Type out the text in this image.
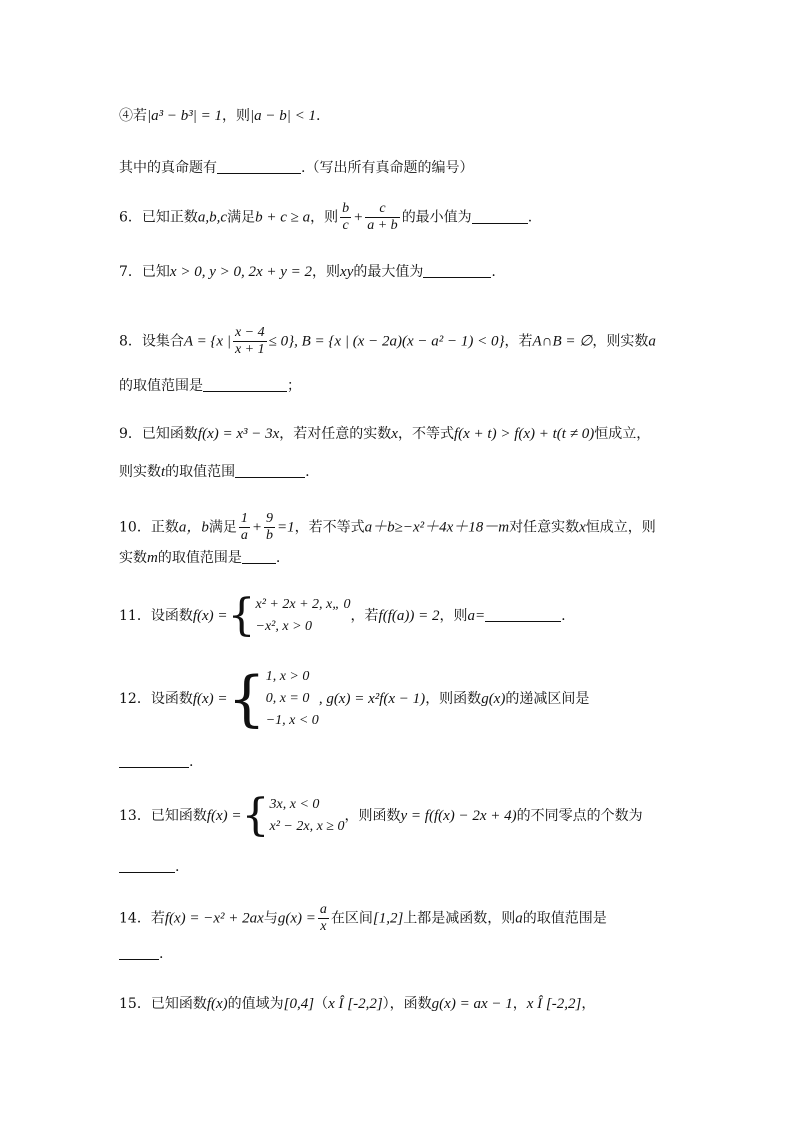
④若|a³ − b³| = 1，则|a − b| < 1.
其中的真命题有	.（写出所有真命题的编号）
6．已知正数a,b,c满足b + c ≥ a，则 $\frac{b}{c} + \frac{c}{a + b}$ 的最小值为	.
7．已知x > 0, y > 0, 2x + y = 2，则xy的最大值为	.
8．设集合A = {x | $\frac{x - 4}{x + 1} \le 0$}, B = {x | (x − 2a)(x − a² − 1) < 0}，若A∩B = ∅，则实数a
的取值范围是	；
9．已知函数f(x) = x³ − 3x，若对任意的实数x，不等式f(x + t) > f(x) + t(t ≠ 0)恒成立，
则实数t的取值范围	.
10．正数a，b满足 $\frac{1}{a} + \frac{9}{b} =1$，若不等式a＋b≥−x²＋4x＋18－m对任意实数x恒成立，则
实数m的取值范围是 .
11．设函数f(x) ={ x² + 2x + 2, x„ 0
−x², x > 0
，若f(f(a)) = 2，则a=	.
12．设函数f(x) ={ 1, x > 0
0, x = 0
−1, x < 0
, g(x) = x²f(x − 1)，则函数g(x)的递减区间是
.
13．已知函数f(x) ={ 3x, x < 0
x² − 2x, x ≥ 0
，则函数y = f(f(x) − 2x + 4)的不同零点的个数为
.
14．若f(x) = −x² + 2ax与$g(x) = \frac{a}{x}$ 在区间[1,2]上都是减函数，则a的取值范围是
.
15．已知函数f(x)的值域为[0,4]（x Î [-2,2]），函数g(x) = ax − 1，x Î [-2,2]，
